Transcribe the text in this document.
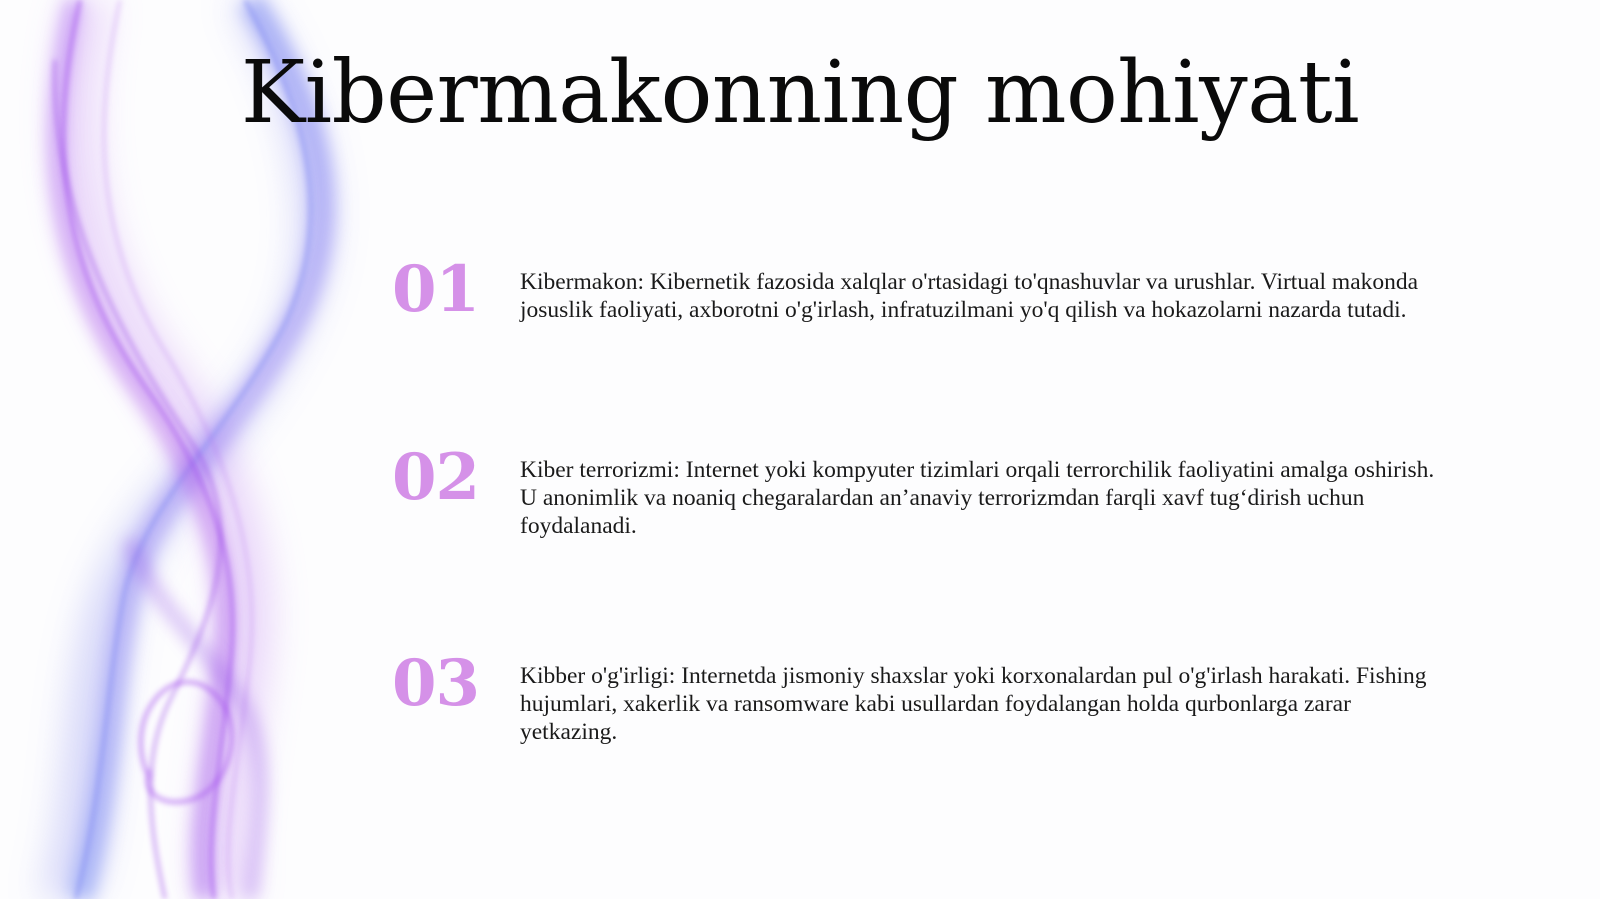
Kibermakonning mohiyati
01 Kibermakon: Kibernetik fazosida xalqlar o'rtasidagi to'qnashuvlar va urushlar. Virtual makonda josuslik faoliyati, axborotni o'g'irlash, infratuzilmani yo'q qilish va hokazolarni nazarda tutadi.

02 Kiber terrorizmi: Internet yoki kompyuter tizimlari orqali terrorchilik faoliyatini amalga oshirish. U anonimlik va noaniq chegaralardan an’anaviy terrorizmdan farqli xavf tug‘dirish uchun foydalanadi.

03 Kibber o'g'irligi: Internetda jismoniy shaxslar yoki korxonalardan pul o'g'irlash harakati. Fishing hujumlari, xakerlik va ransomware kabi usullardan foydalangan holda qurbonlarga zarar yetkazing.
